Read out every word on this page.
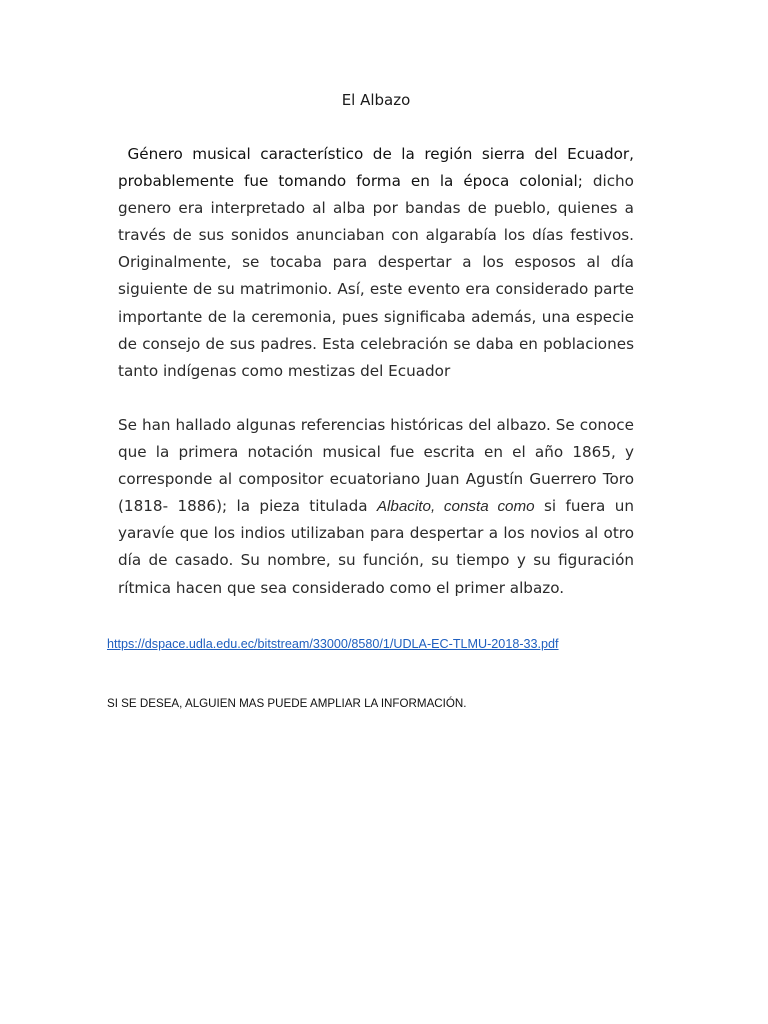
El Albazo

Género musical característico de la región sierra del Ecuador, probablemente fue tomando forma en la época colonial; dicho genero era interpretado al alba por bandas de pueblo, quienes a través de sus sonidos anunciaban con algarabía los días festivos. Originalmente, se tocaba para despertar a los esposos al día siguiente de su matrimonio. Así, este evento era considerado parte importante de la ceremonia, pues significaba además, una especie de consejo de sus padres. Esta celebración se daba en poblaciones tanto indígenas como mestizas del Ecuador

Se han hallado algunas referencias históricas del albazo. Se conoce que la primera notación musical fue escrita en el año 1865, y corresponde al compositor ecuatoriano Juan Agustín Guerrero Toro (1818- 1886); la pieza titulada Albacito, consta como si fuera un yaravíe que los indios utilizaban para despertar a los novios al otro día de casado. Su nombre, su función, su tiempo y su figuración rítmica hacen que sea considerado como el primer albazo.

https://dspace.udla.edu.ec/bitstream/33000/8580/1/UDLA-EC-TLMU-2018-33.pdf

SI SE DESEA, ALGUIEN MAS PUEDE AMPLIAR LA INFORMACIÓN.
